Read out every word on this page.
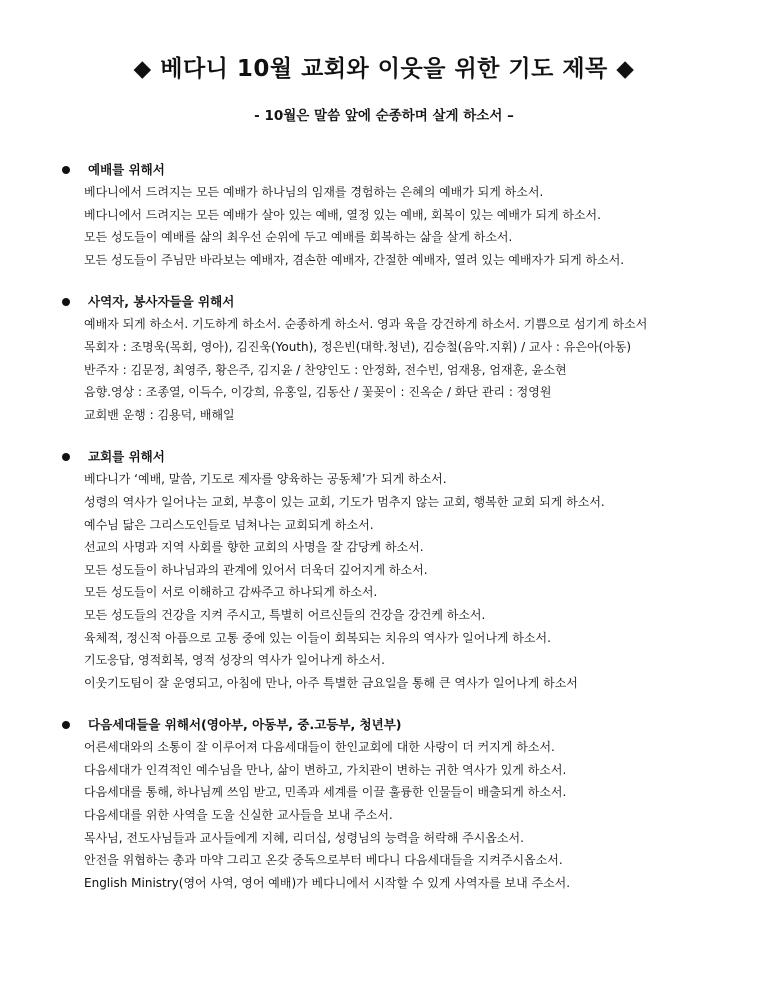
◆ 베다니 10월 교회와 이웃을 위한 기도 제목 ◆
- 10월은 말씀 앞에 순종하며 살게 하소서 –
예배를 위해서
베다니에서 드려지는 모든 예배가 하나님의 임재를 경험하는 은혜의 예배가 되게 하소서.
베다니에서 드려지는 모든 예배가 살아 있는 예배, 열정 있는 예배, 회복이 있는 예배가 되게 하소서.
모든 성도들이 예배를 삶의 최우선 순위에 두고 예배를 회복하는 삶을 살게 하소서.
모든 성도들이 주님만 바라보는 예배자, 겸손한 예배자, 간절한 예배자, 열려 있는 예배자가 되게 하소서.
사역자, 봉사자들을 위해서
예배자 되게 하소서. 기도하게 하소서. 순종하게 하소서. 영과 육을 강건하게 하소서. 기쁨으로 섬기게 하소서
목회자 : 조명욱(목회, 영아), 김진욱(Youth), 정은빈(대학.청년), 김승철(음악.지휘) / 교사 : 유은아(아동)
반주자 : 김문정, 최영주, 황은주, 김지윤 / 찬양인도 : 안정화, 전수빈, 엄재용, 엄재훈, 윤소현
음향.영상 : 조종열, 이득수, 이강희, 유홍일, 김동산 / 꽃꽂이 : 진옥순 / 화단 관리 : 정영원
교회밴 운행 : 김용덕, 배해일
교회를 위해서
베다니가 ‘예배, 말씀, 기도로 제자를 양육하는 공동체’가 되게 하소서.
성령의 역사가 일어나는 교회, 부흥이 있는 교회, 기도가 멈추지 않는 교회, 행복한 교회 되게 하소서.
예수님 닮은 그리스도인들로 넘쳐나는 교회되게 하소서.
선교의 사명과 지역 사회를 향한 교회의 사명을 잘 감당케 하소서.
모든 성도들이 하나님과의 관계에 있어서 더욱더 깊어지게 하소서.
모든 성도들이 서로 이해하고 감싸주고 하나되게 하소서.
모든 성도들의 건강을 지켜 주시고, 특별히 어르신들의 건강을 강건케 하소서.
육체적, 정신적 아픔으로 고통 중에 있는 이들이 회복되는 치유의 역사가 일어나게 하소서.
기도응답, 영적회복, 영적 성장의 역사가 일어나게 하소서.
이웃기도팀이 잘 운영되고, 아침에 만나, 아주 특별한 금요일을 통해 큰 역사가 일어나게 하소서
다음세대들을 위해서(영아부, 아동부, 중.고등부, 청년부)
어른세대와의 소통이 잘 이루어져 다음세대들이 한인교회에 대한 사랑이 더 커지게 하소서.
다음세대가 인격적인 예수님을 만나, 삶이 변하고, 가치관이 변하는 귀한 역사가 있게 하소서.
다음세대를 통해, 하나님께 쓰임 받고, 민족과 세계를 이끌 훌륭한 인물들이 배출되게 하소서.
다음세대를 위한 사역을 도울 신실한 교사들을 보내 주소서.
목사님, 전도사님들과 교사들에게 지혜, 리더십, 성령님의 능력을 허락해 주시옵소서.
안전을 위협하는 총과 마약 그리고 온갖 중독으로부터 베다니 다음세대들을 지켜주시옵소서.
English Ministry(영어 사역, 영어 예배)가 베다니에서 시작할 수 있게 사역자를 보내 주소서.
